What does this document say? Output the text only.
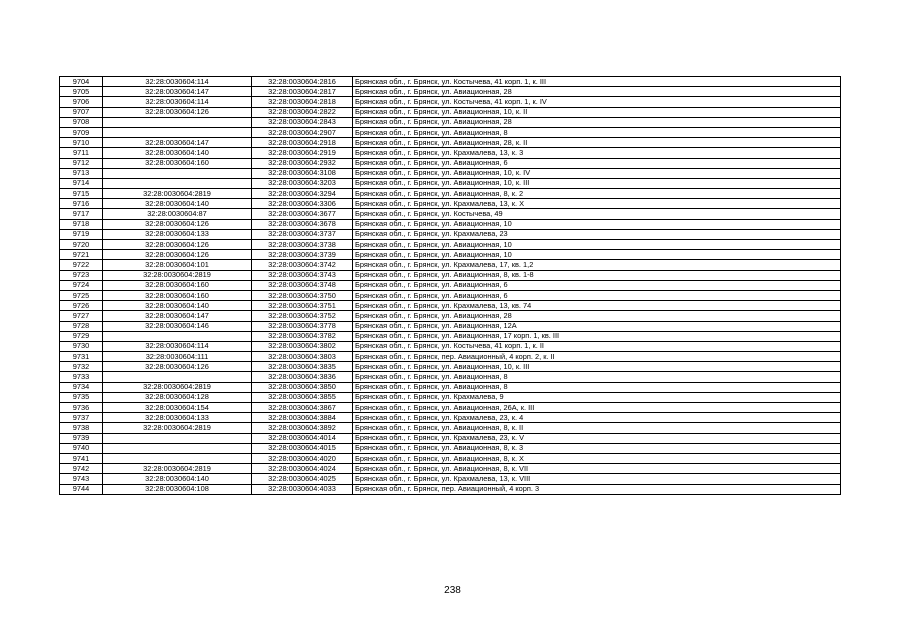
9704	32:28:0030604:114	32:28:0030604:2816	Брянская обл., г. Брянск, ул. Костычева, 41 корп. 1, к. III
9705	32:28:0030604:147	32:28:0030604:2817	Брянская обл., г. Брянск, ул. Авиационная, 28
9706	32:28:0030604:114	32:28:0030604:2818	Брянская обл., г. Брянск, ул. Костычева, 41 корп. 1, к. IV
9707	32:28:0030604:126	32:28:0030604:2822	Брянская обл., г. Брянск, ул. Авиационная, 10, к. II
9708		32:28:0030604:2843	Брянская обл., г. Брянск, ул. Авиационная, 28
9709		32:28:0030604:2907	Брянская обл., г. Брянск, ул. Авиационная, 8
9710	32:28:0030604:147	32:28:0030604:2918	Брянская обл., г. Брянск, ул. Авиационная, 28, к. II
9711	32:28:0030604:140	32:28:0030604:2919	Брянская обл., г. Брянск, ул. Крахмалева, 13, к. 3
9712	32:28:0030604:160	32:28:0030604:2932	Брянская обл., г. Брянск, ул. Авиационная, 6
9713		32:28:0030604:3108	Брянская обл., г. Брянск, ул. Авиационная, 10, к. IV
9714		32:28:0030604:3203	Брянская обл., г. Брянск, ул. Авиационная, 10, к. III
9715	32:28:0030604:2819	32:28:0030604:3294	Брянская обл., г. Брянск, ул. Авиационная, 8, к. 2
9716	32:28:0030604:140	32:28:0030604:3306	Брянская обл., г. Брянск, ул. Крахмалева, 13, к. X
9717	32:28:0030604:87	32:28:0030604:3677	Брянская обл., г. Брянск, ул. Костычева, 49
9718	32:28:0030604:126	32:28:0030604:3678	Брянская обл., г. Брянск, ул. Авиационная, 10
9719	32:28:0030604:133	32:28:0030604:3737	Брянская обл., г. Брянск, ул. Крахмалева, 23
9720	32:28:0030604:126	32:28:0030604:3738	Брянская обл., г. Брянск, ул. Авиационная, 10
9721	32:28:0030604:126	32:28:0030604:3739	Брянская обл., г. Брянск, ул. Авиационная, 10
9722	32:28:0030604:101	32:28:0030604:3742	Брянская обл., г. Брянск, ул. Крахмалева, 17, кв. 1,2
9723	32:28:0030604:2819	32:28:0030604:3743	Брянская обл., г. Брянск, ул. Авиационная, 8, кв. 1-8
9724	32:28:0030604:160	32:28:0030604:3748	Брянская обл., г. Брянск, ул. Авиационная, 6
9725	32:28:0030604:160	32:28:0030604:3750	Брянская обл., г. Брянск, ул. Авиационная, 6
9726	32:28:0030604:140	32:28:0030604:3751	Брянская обл., г. Брянск, ул. Крахмалева, 13, кв. 74
9727	32:28:0030604:147	32:28:0030604:3752	Брянская обл., г. Брянск, ул. Авиационная, 28
9728	32:28:0030604:146	32:28:0030604:3778	Брянская обл., г. Брянск, ул. Авиационная, 12А
9729		32:28:0030604:3782	Брянская обл., г. Брянск, ул. Авиационная, 17 корп. 1, кв. III
9730	32:28:0030604:114	32:28:0030604:3802	Брянская обл., г. Брянск, ул. Костычева, 41 корп. 1, к. II
9731	32:28:0030604:111	32:28:0030604:3803	Брянская обл., г. Брянск, пер. Авиационный, 4 корп. 2, к. II
9732	32:28:0030604:126	32:28:0030604:3835	Брянская обл., г. Брянск, ул. Авиационная, 10, к. III
9733		32:28:0030604:3836	Брянская обл., г. Брянск, ул. Авиационная, 8
9734	32:28:0030604:2819	32:28:0030604:3850	Брянская обл., г. Брянск, ул. Авиационная, 8
9735	32:28:0030604:128	32:28:0030604:3855	Брянская обл., г. Брянск, ул. Крахмалева, 9
9736	32:28:0030604:154	32:28:0030604:3867	Брянская обл., г. Брянск, ул. Авиационная, 26А, к. III
9737	32:28:0030604:133	32:28:0030604:3884	Брянская обл., г. Брянск, ул. Крахмалева, 23, к. 4
9738	32:28:0030604:2819	32:28:0030604:3892	Брянская обл., г. Брянск, ул. Авиационная, 8, к. II
9739		32:28:0030604:4014	Брянская обл., г. Брянск, ул. Крахмалева, 23, к. V
9740		32:28:0030604:4015	Брянская обл., г. Брянск, ул. Авиационная, 8, к. 3
9741		32:28:0030604:4020	Брянская обл., г. Брянск, ул. Авиационная, 8, к. X
9742	32:28:0030604:2819	32:28:0030604:4024	Брянская обл., г. Брянск, ул. Авиационная, 8, к. VII
9743	32:28:0030604:140	32:28:0030604:4025	Брянская обл., г. Брянск, ул. Крахмалева, 13, к. VIII
9744	32:28:0030604:108	32:28:0030604:4033	Брянская обл., г. Брянск, пер. Авиационный, 4 корп. 3
238
